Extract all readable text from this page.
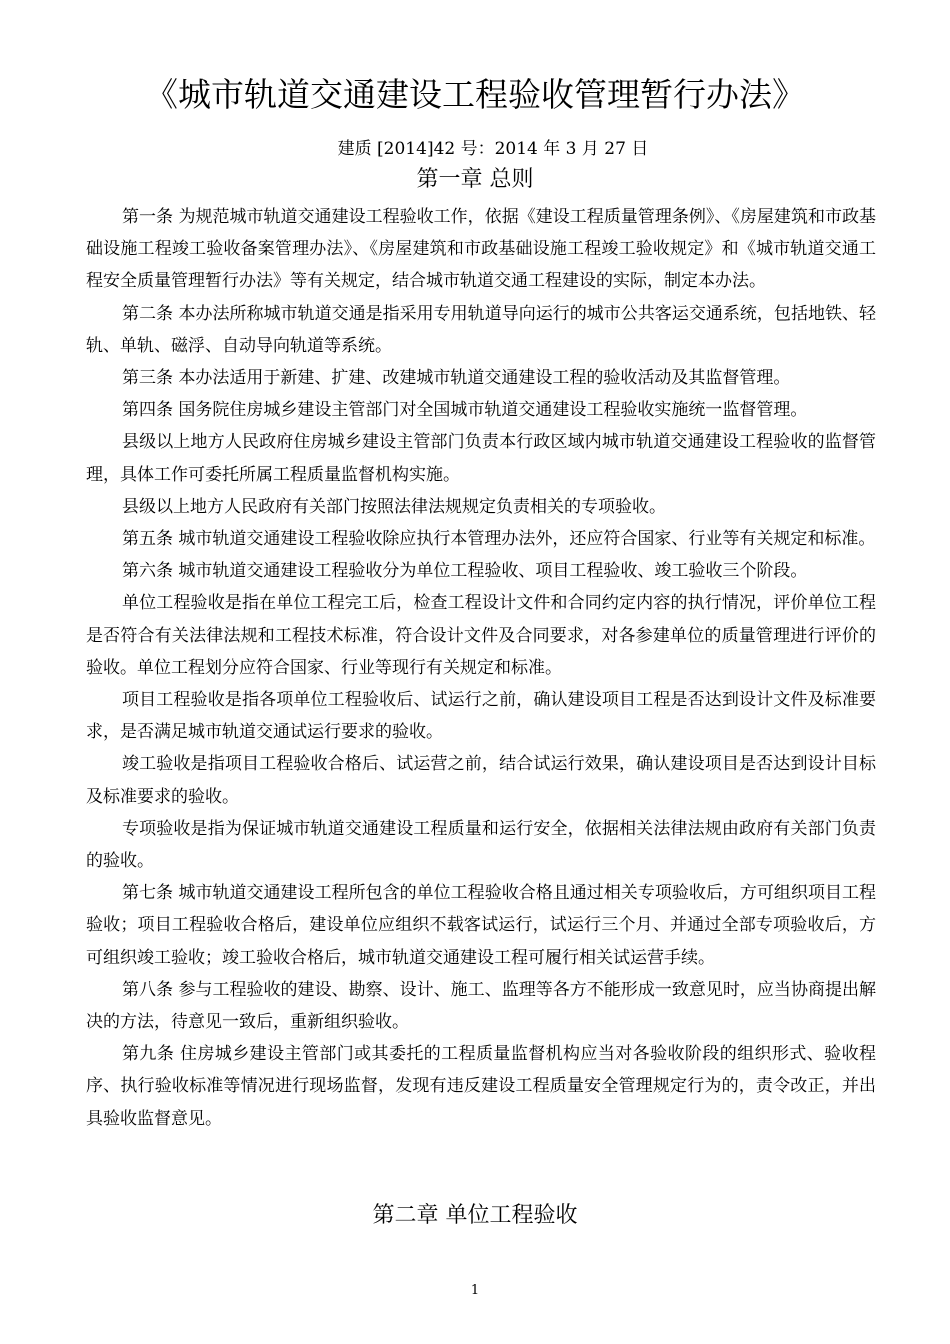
《城市轨道交通建设工程验收管理暂行办法》
建质 [2014]42 号：2014 年 3 月 27 日
第一章 总则

第一条 为规范城市轨道交通建设工程验收工作，依据《建设工程质量管理条例》、《房屋建筑和市政基础设施工程竣工验收备案管理办法》、《房屋建筑和市政基础设施工程竣工验收规定》和《城市轨道交通工程安全质量管理暂行办法》等有关规定，结合城市轨道交通工程建设的实际，制定本办法。

第二条 本办法所称城市轨道交通是指采用专用轨道导向运行的城市公共客运交通系统，包括地铁、轻轨、单轨、磁浮、自动导向轨道等系统。

第三条 本办法适用于新建、扩建、改建城市轨道交通建设工程的验收活动及其监督管理。

第四条 国务院住房城乡建设主管部门对全国城市轨道交通建设工程验收实施统一监督管理。

县级以上地方人民政府住房城乡建设主管部门负责本行政区域内城市轨道交通建设工程验收的监督管理，具体工作可委托所属工程质量监督机构实施。

县级以上地方人民政府有关部门按照法律法规规定负责相关的专项验收。

第五条 城市轨道交通建设工程验收除应执行本管理办法外，还应符合国家、行业等有关规定和标准。

第六条 城市轨道交通建设工程验收分为单位工程验收、项目工程验收、竣工验收三个阶段。

单位工程验收是指在单位工程完工后，检查工程设计文件和合同约定内容的执行情况，评价单位工程是否符合有关法律法规和工程技术标准，符合设计文件及合同要求，对各参建单位的质量管理进行评价的验收。单位工程划分应符合国家、行业等现行有关规定和标准。

项目工程验收是指各项单位工程验收后、试运行之前，确认建设项目工程是否达到设计文件及标准要求，是否满足城市轨道交通试运行要求的验收。

竣工验收是指项目工程验收合格后、试运营之前，结合试运行效果，确认建设项目是否达到设计目标及标准要求的验收。

专项验收是指为保证城市轨道交通建设工程质量和运行安全，依据相关法律法规由政府有关部门负责的验收。

第七条 城市轨道交通建设工程所包含的单位工程验收合格且通过相关专项验收后，方可组织项目工程验收；项目工程验收合格后，建设单位应组织不载客试运行，试运行三个月、并通过全部专项验收后，方可组织竣工验收；竣工验收合格后，城市轨道交通建设工程可履行相关试运营手续。

第八条 参与工程验收的建设、勘察、设计、施工、监理等各方不能形成一致意见时，应当协商提出解决的方法，待意见一致后，重新组织验收。

第九条 住房城乡建设主管部门或其委托的工程质量监督机构应当对各验收阶段的组织形式、验收程序、执行验收标准等情况进行现场监督，发现有违反建设工程质量安全管理规定行为的，责令改正，并出具验收监督意见。

第二章 单位工程验收
1
